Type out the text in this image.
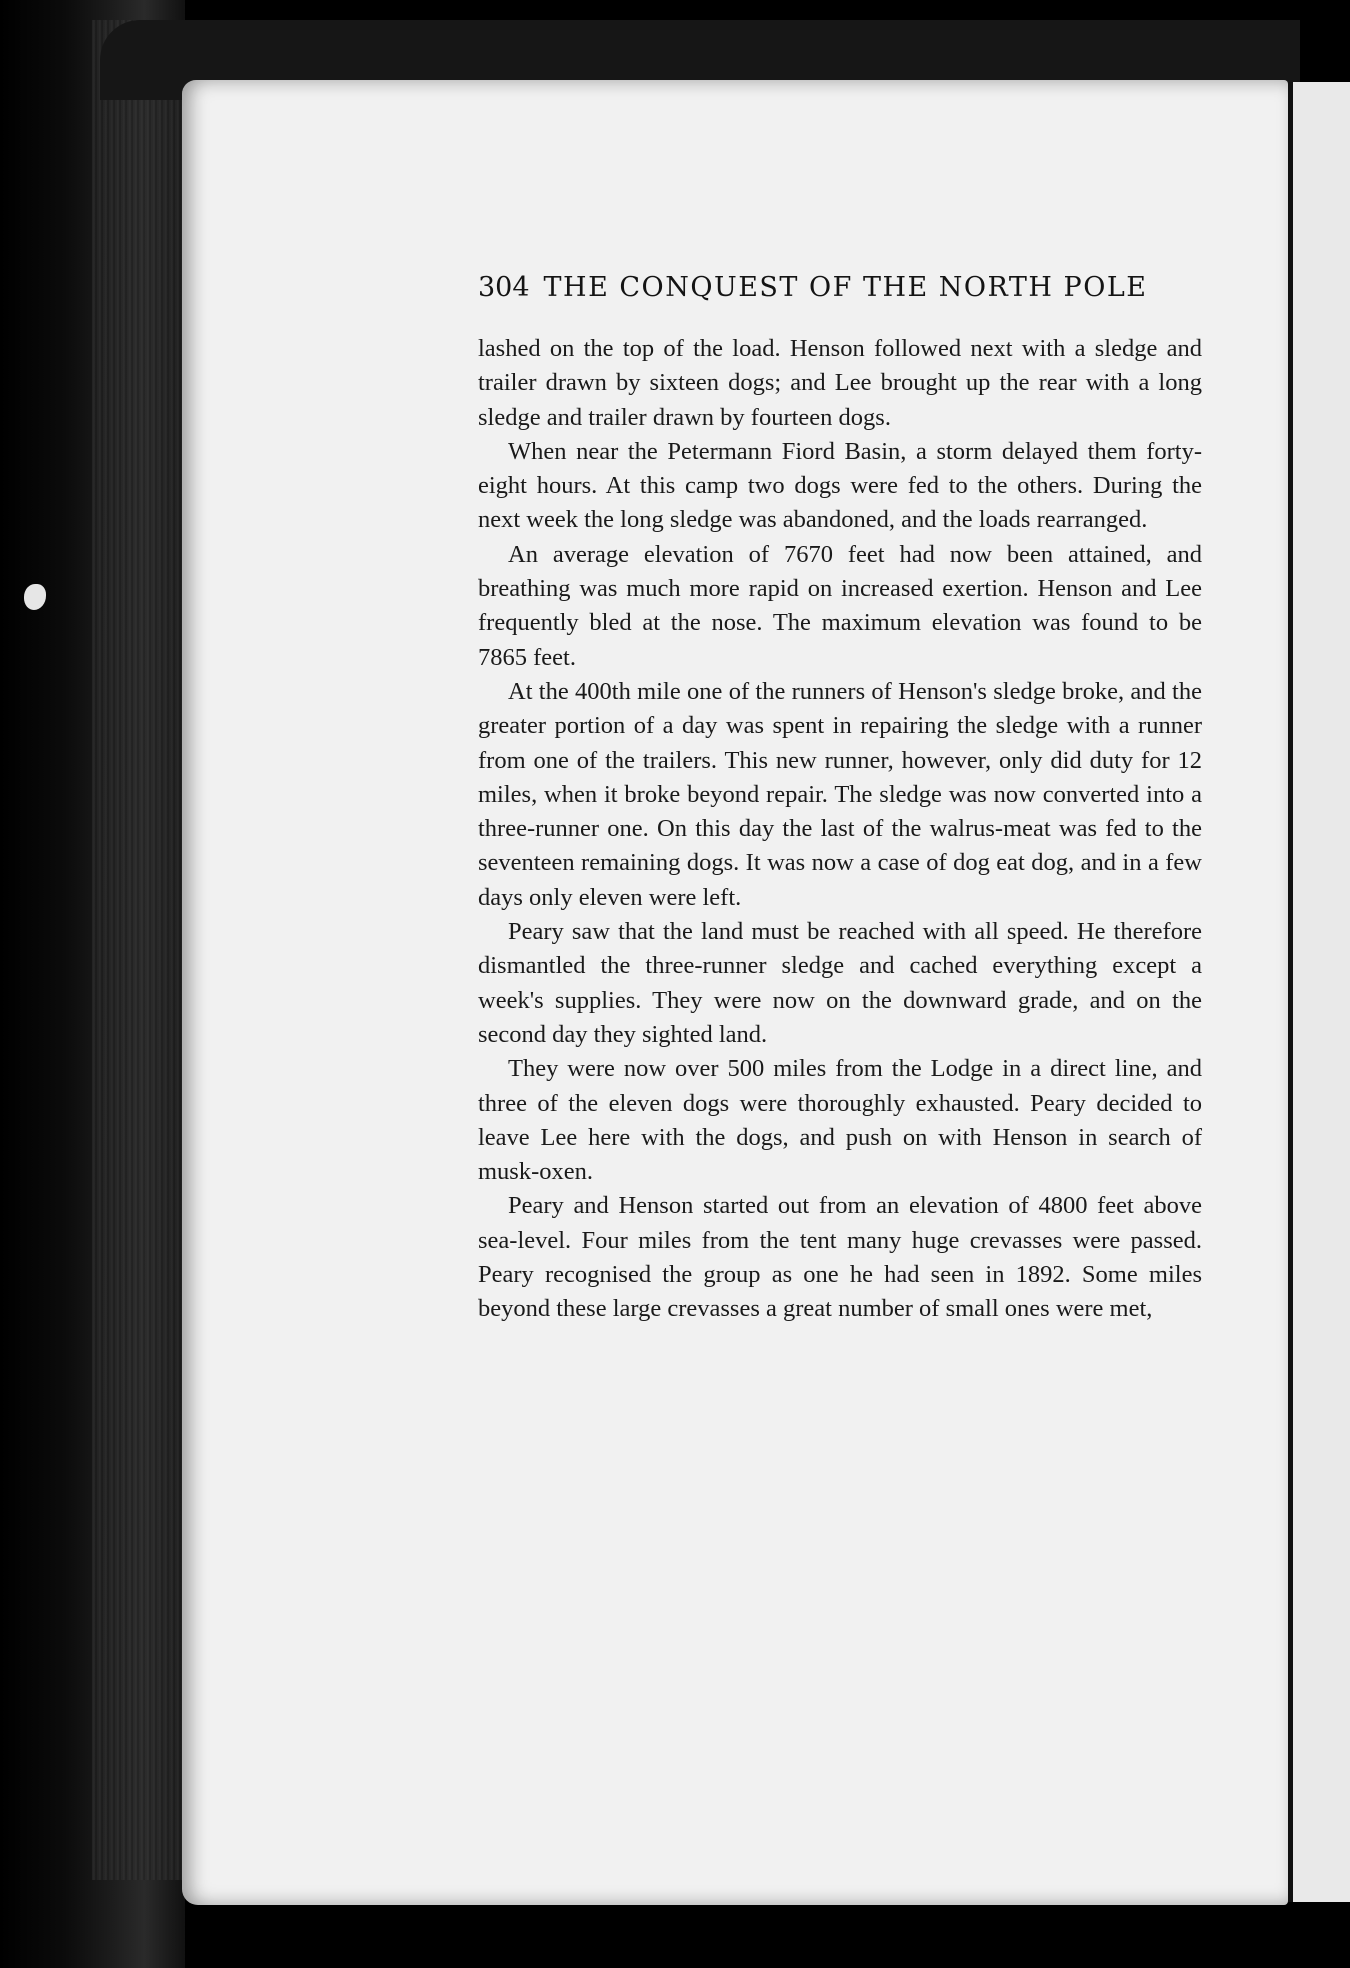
304 THE CONQUEST OF THE NORTH POLE

lashed on the top of the load. Henson followed next with a sledge and trailer drawn by sixteen dogs; and Lee brought up the rear with a long sledge and trailer drawn by fourteen dogs.

When near the Petermann Fiord Basin, a storm delayed them forty-eight hours. At this camp two dogs were fed to the others. During the next week the long sledge was abandoned, and the loads rearranged.

An average elevation of 7670 feet had now been attained, and breathing was much more rapid on increased exertion. Henson and Lee frequently bled at the nose. The maximum elevation was found to be 7865 feet.

At the 400th mile one of the runners of Henson's sledge broke, and the greater portion of a day was spent in repairing the sledge with a runner from one of the trailers. This new runner, however, only did duty for 12 miles, when it broke beyond repair. The sledge was now converted into a three-runner one. On this day the last of the walrus-meat was fed to the seventeen remaining dogs. It was now a case of dog eat dog, and in a few days only eleven were left.

Peary saw that the land must be reached with all speed. He therefore dismantled the three-runner sledge and cached everything except a week's supplies. They were now on the downward grade, and on the second day they sighted land.

They were now over 500 miles from the Lodge in a direct line, and three of the eleven dogs were thoroughly exhausted. Peary decided to leave Lee here with the dogs, and push on with Henson in search of musk-oxen.

Peary and Henson started out from an elevation of 4800 feet above sea-level. Four miles from the tent many huge crevasses were passed. Peary recognised the group as one he had seen in 1892. Some miles beyond these large crevasses a great number of small ones were met,
